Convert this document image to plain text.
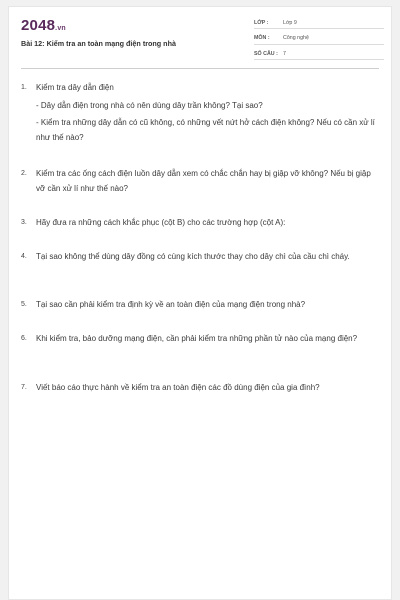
2048.vn
Bài 12: Kiểm tra an toàn mạng điện trong nhà
LỚP :	Lớp 9
MÔN :	Công nghệ
SỐ CÂU : 7
1. Kiểm tra dây dẫn điện
- Dây dẫn điện trong nhà có nên dùng dây trần không? Tại sao?
- Kiểm tra những dây dẫn có cũ không, có những vết nứt hở cách điện không? Nếu có cần xử lí như thế nào?
2. Kiểm tra các ống cách điện luồn dây dẫn xem có chắc chắn hay bị giập vỡ không? Nếu bị giập vỡ cần xử lí như thế nào?
3. Hãy đưa ra những cách khắc phục (cột B) cho các trường hợp (cột A):
4. Tại sao không thể dùng dây đồng có cùng kích thước thay cho dây chì của cầu chì cháy.
5. Tại sao cần phải kiểm tra định kỳ về an toàn điện của mạng điện trong nhà?
6. Khi kiểm tra, bảo dưỡng mạng điện, cần phải kiểm tra những phần tử nào của mạng điện?
7. Viết báo cáo thực hành về kiểm tra an toàn điện các đồ dùng điện của gia đình?
